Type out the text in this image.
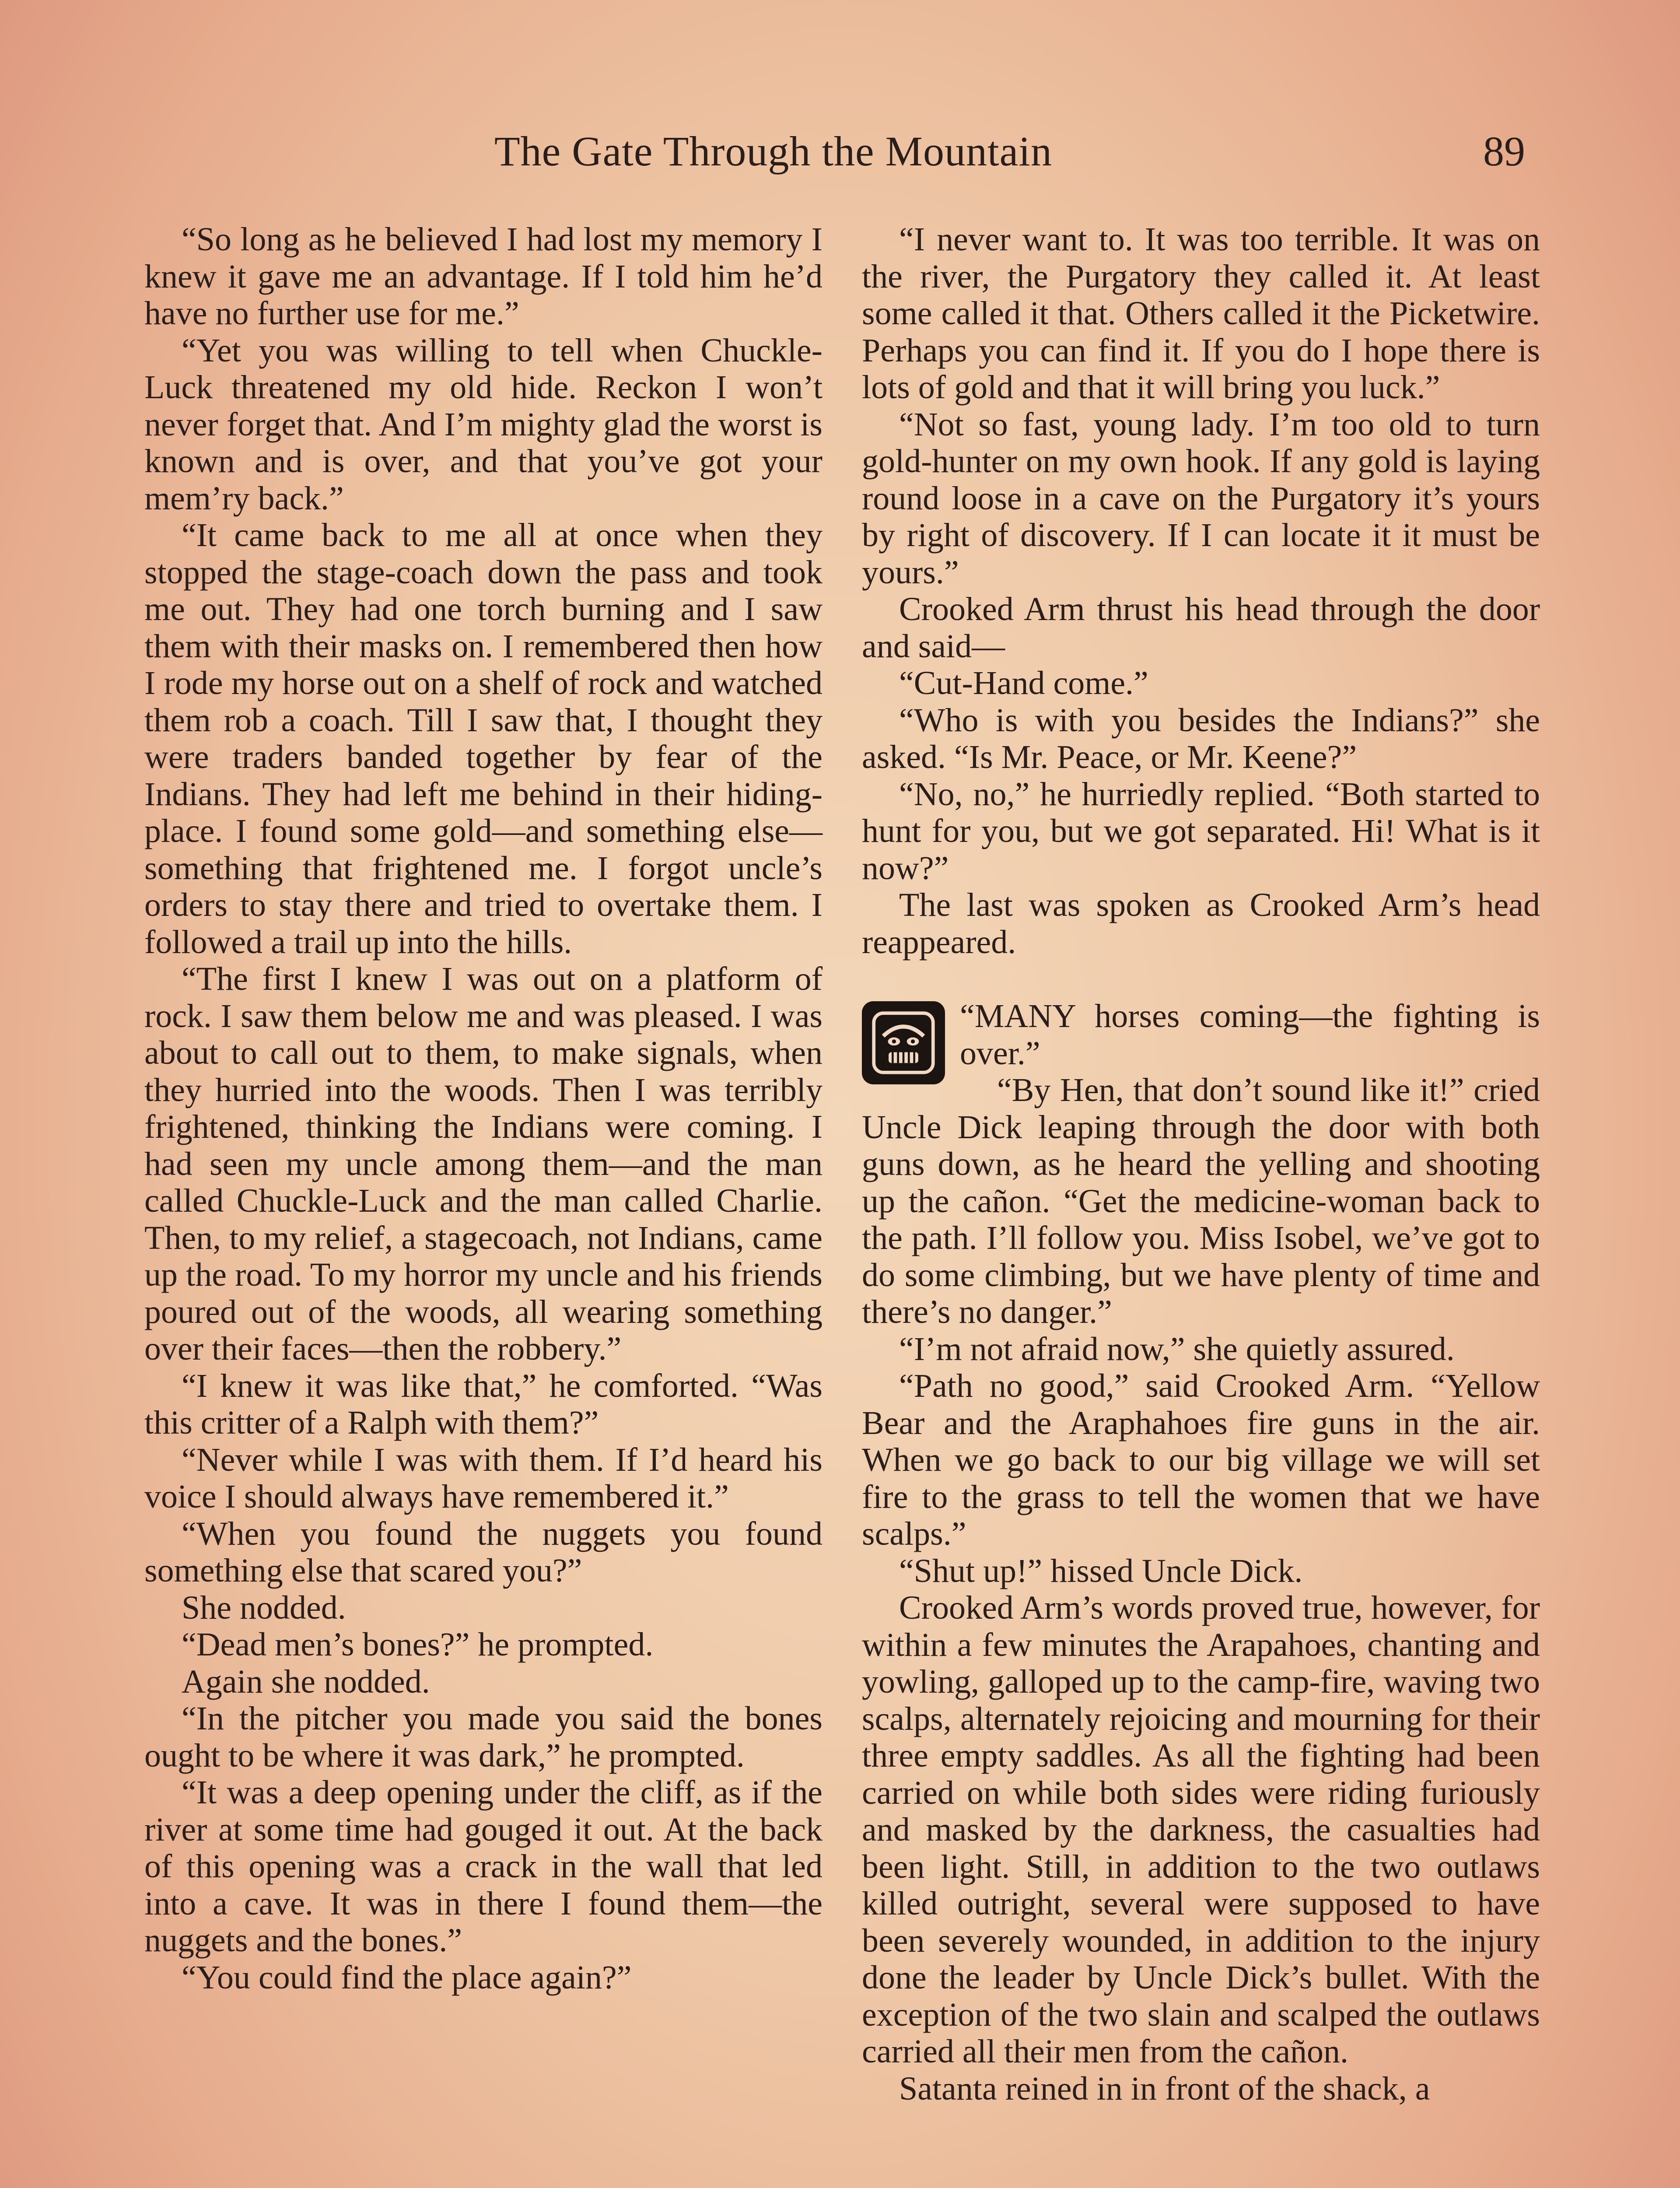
The Gate Through the Mountain	89

“So long as he believed I had lost my memory I knew it gave me an advantage. If I told him he’d have no further use for me.”

“Yet you was willing to tell when Chuckle-Luck threatened my old hide. Reckon I won’t never forget that. And I’m mighty glad the worst is known and is over, and that you’ve got your mem’ry back.”

“It came back to me all at once when they stopped the stage-coach down the pass and took me out. They had one torch burning and I saw them with their masks on. I remembered then how I rode my horse out on a shelf of rock and watched them rob a coach. Till I saw that, I thought they were traders banded together by fear of the Indians. They had left me behind in their hiding-place. I found some gold—and something else—something that frightened me. I forgot uncle’s orders to stay there and tried to overtake them. I followed a trail up into the hills.

“The first I knew I was out on a platform of rock. I saw them below me and was pleased. I was about to call out to them, to make signals, when they hurried into the woods. Then I was terribly frightened, thinking the Indians were coming. I had seen my uncle among them—and the man called Chuckle-Luck and the man called Charlie. Then, to my relief, a stagecoach, not Indians, came up the road. To my horror my uncle and his friends poured out of the woods, all wearing something over their faces—then the robbery.”

“I knew it was like that,” he comforted. “Was this critter of a Ralph with them?”

“Never while I was with them. If I’d heard his voice I should always have remembered it.”

“When you found the nuggets you found something else that scared you?”

She nodded.

“Dead men’s bones?” he prompted.

Again she nodded.

“In the pitcher you made you said the bones ought to be where it was dark,” he prompted.

“It was a deep opening under the cliff, as if the river at some time had gouged it out. At the back of this opening was a crack in the wall that led into a cave. It was in there I found them—the nuggets and the bones.”

“You could find the place again?”

“I never want to. It was too terrible. It was on the river, the Purgatory they called it. At least some called it that. Others called it the Picketwire. Perhaps you can find it. If you do I hope there is lots of gold and that it will bring you luck.”

“Not so fast, young lady. I’m too old to turn gold-hunter on my own hook. If any gold is laying round loose in a cave on the Purgatory it’s yours by right of discovery. If I can locate it it must be yours.”

Crooked Arm thrust his head through the door and said—

“Cut-Hand come.”

“Who is with you besides the Indians?” she asked. “Is Mr. Peace, or Mr. Keene?”

“No, no,” he hurriedly replied. “Both started to hunt for you, but we got separated. Hi! What is it now?”

The last was spoken as Crooked Arm’s head reappeared.

“MANY horses coming—the fighting is over.”

“By Hen, that don’t sound like it!” cried Uncle Dick leaping through the door with both guns down, as he heard the yelling and shooting up the cañon. “Get the medicine-woman back to the path. I’ll follow you. Miss Isobel, we’ve got to do some climbing, but we have plenty of time and there’s no danger.”

“I’m not afraid now,” she quietly assured.

“Path no good,” said Crooked Arm. “Yellow Bear and the Araphahoes fire guns in the air. When we go back to our big village we will set fire to the grass to tell the women that we have scalps.”

“Shut up!” hissed Uncle Dick.

Crooked Arm’s words proved true, however, for within a few minutes the Arapahoes, chanting and yowling, galloped up to the camp-fire, waving two scalps, alternately rejoicing and mourning for their three empty saddles. As all the fighting had been carried on while both sides were riding furiously and masked by the darkness, the casualties had been light. Still, in addition to the two outlaws killed outright, several were supposed to have been severely wounded, in addition to the injury done the leader by Uncle Dick’s bullet. With the exception of the two slain and scalped the outlaws carried all their men from the cañon.

Satanta reined in in front of the shack, a
